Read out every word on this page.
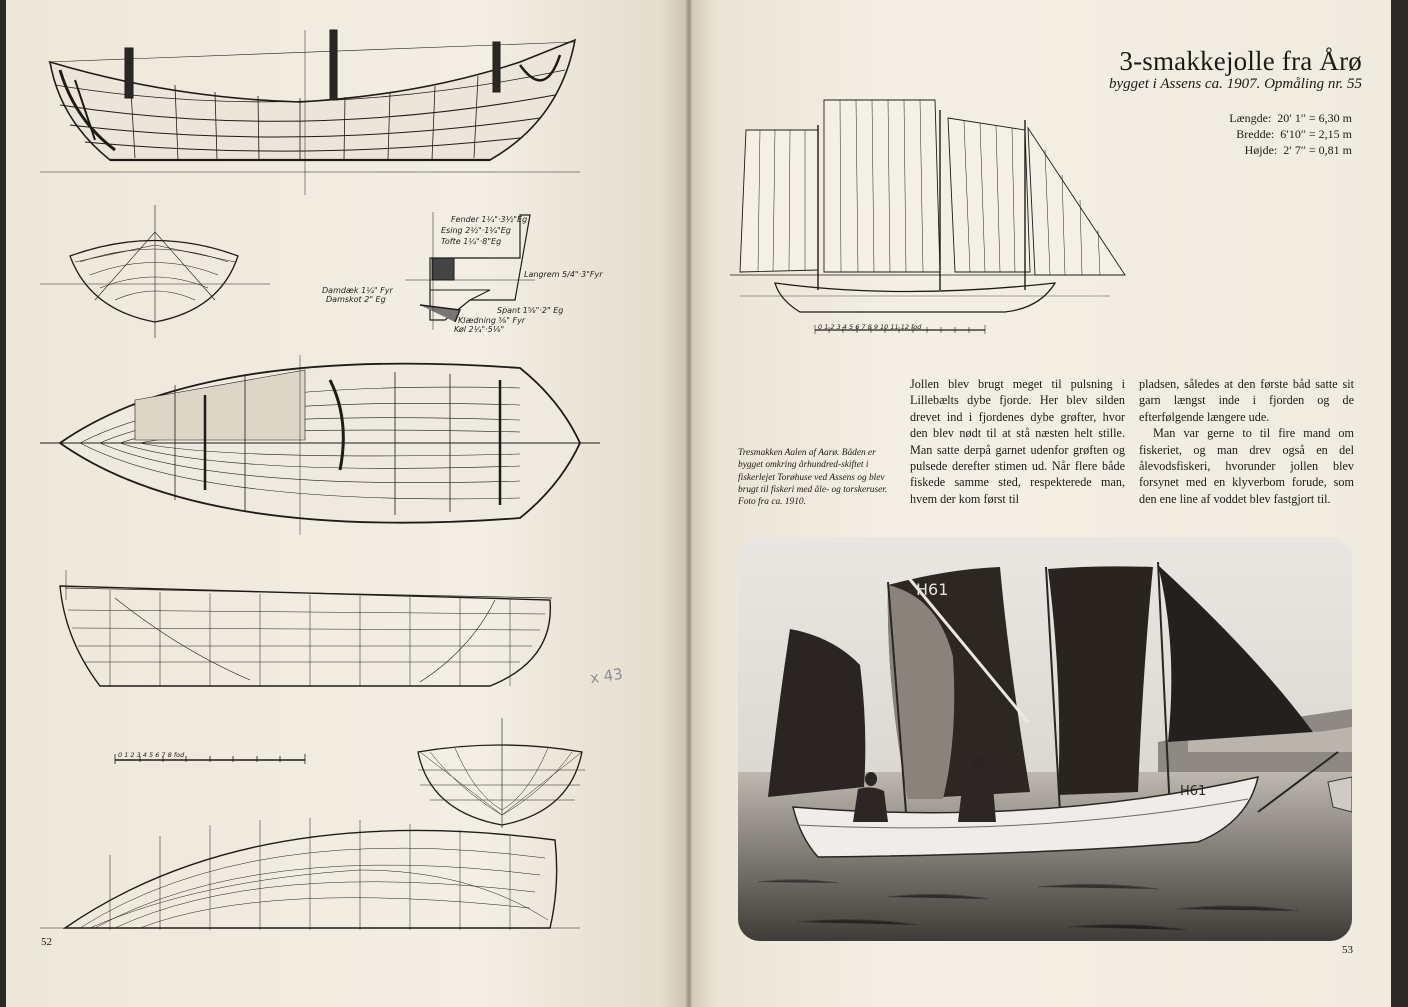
Fender 1¼"·3½"Eg
Esing 2½"·1¼"Eg
Tofte 1¼"·8"Eg
Damdæk 1¼" Fyr
Damskot 2" Eg
Langrem 5/4"·3"Fyr
Spant 1⅝"·2" Eg
Klædning ⅝" Fyr
Køl 2¼"·5⅛"
0 1 2 3 4 5 6 7 8 fod
x 43
52
3-smakkejolle fra Årø
bygget i Assens ca. 1907. Opmåling nr. 55
Længde: 20′ 1″ = 6,30 m
Bredde: 6′10″ = 2,15 m
Højde: 2′ 7″ = 0,81 m
0 1 2 3 4 5 6 7 8 9 10 11 12 fod
Tresmakken Aalen af Aarø. Båden er bygget omkring århundred-skiftet i fiskerlejet Torøhuse ved Assens og blev brugt til fiskeri med åle- og torskeruser. Foto fra ca. 1910.

Jollen blev brugt meget til pulsning i Lillebælts dybe fjorde. Her blev silden drevet ind i fjordenes dybe grøfter, hvor den blev nødt til at stå næsten helt stille. Man satte derpå garnet udenfor grøften og pulsede derefter stimen ud. Når flere både fiskede samme sted, respekterede man, hvem der kom først til

pladsen, således at den første båd satte sit garn længst inde i fjorden og de efterfølgende længere ude.

Man var gerne to til fire mand om fiskeriet, og man drev også en del ålevodsfiskeri, hvorunder jollen blev forsynet med en klyverbom forude, som den ene line af voddet blev fastgjort til.

H61
H61
53
